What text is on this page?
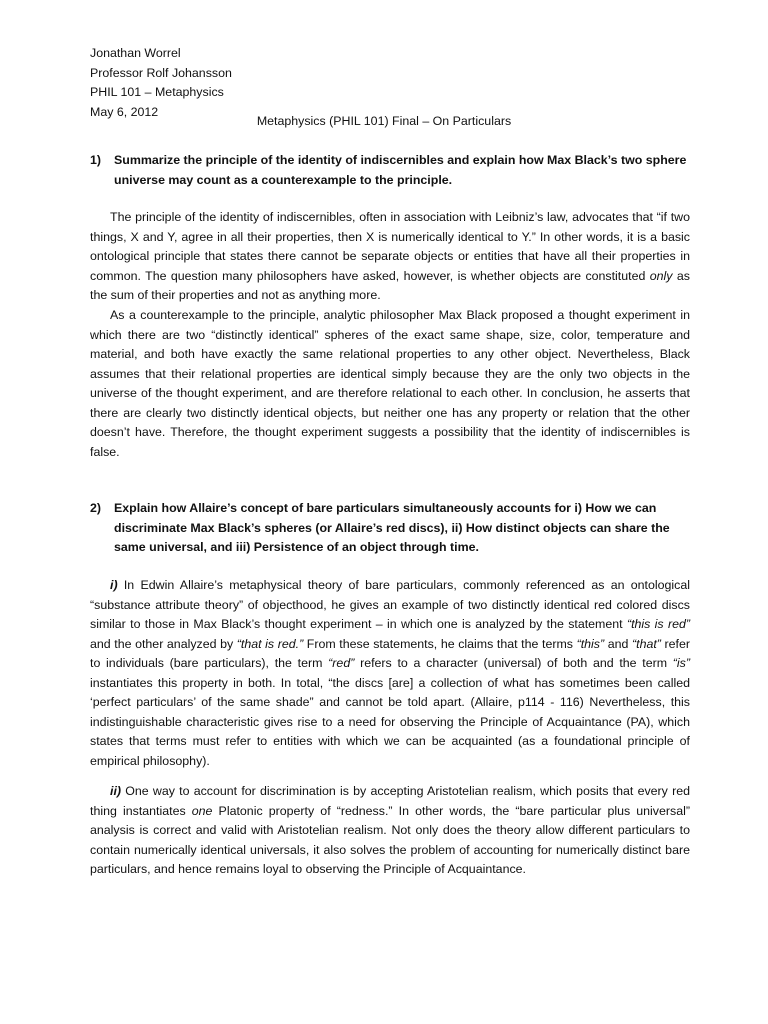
Jonathan Worrel
Professor Rolf Johansson
PHIL 101 – Metaphysics
May 6, 2012
Metaphysics (PHIL 101) Final – On Particulars
1)	Summarize the principle of the identity of indiscernibles and explain how Max Black’s two sphere universe may count as a counterexample to the principle.
The principle of the identity of indiscernibles, often in association with Leibniz’s law, advocates that “if two things, X and Y, agree in all their properties, then X is numerically identical to Y.” In other words, it is a basic ontological principle that states there cannot be separate objects or entities that have all their properties in common. The question many philosophers have asked, however, is whether objects are constituted only as the sum of their properties and not as anything more.
As a counterexample to the principle, analytic philosopher Max Black proposed a thought experiment in which there are two “distinctly identical” spheres of the exact same shape, size, color, temperature and material, and both have exactly the same relational properties to any other object. Nevertheless, Black assumes that their relational properties are identical simply because they are the only two objects in the universe of the thought experiment, and are therefore relational to each other. In conclusion, he asserts that there are clearly two distinctly identical objects, but neither one has any property or relation that the other doesn’t have. Therefore, the thought experiment suggests a possibility that the identity of indiscernibles is false.
2)	Explain how Allaire’s concept of bare particulars simultaneously accounts for i) How we can discriminate Max Black’s spheres (or Allaire’s red discs), ii) How distinct objects can share the same universal, and iii) Persistence of an object through time.
i) In Edwin Allaire’s metaphysical theory of bare particulars, commonly referenced as an ontological “substance attribute theory” of objecthood, he gives an example of two distinctly identical red colored discs similar to those in Max Black’s thought experiment – in which one is analyzed by the statement “this is red” and the other analyzed by “that is red.” From these statements, he claims that the terms “this” and “that” refer to individuals (bare particulars), the term “red” refers to a character (universal) of both and the term “is” instantiates this property in both. In total, “the discs [are] a collection of what has sometimes been called ‘perfect particulars’ of the same shade” and cannot be told apart. (Allaire, p114 - 116) Nevertheless, this indistinguishable characteristic gives rise to a need for observing the Principle of Acquaintance (PA), which states that terms must refer to entities with which we can be acquainted (as a foundational principle of empirical philosophy).
ii) One way to account for discrimination is by accepting Aristotelian realism, which posits that every red thing instantiates one Platonic property of “redness.” In other words, the “bare particular plus universal” analysis is correct and valid with Aristotelian realism. Not only does the theory allow different particulars to contain numerically identical universals, it also solves the problem of accounting for numerically distinct bare particulars, and hence remains loyal to observing the Principle of Acquaintance.
